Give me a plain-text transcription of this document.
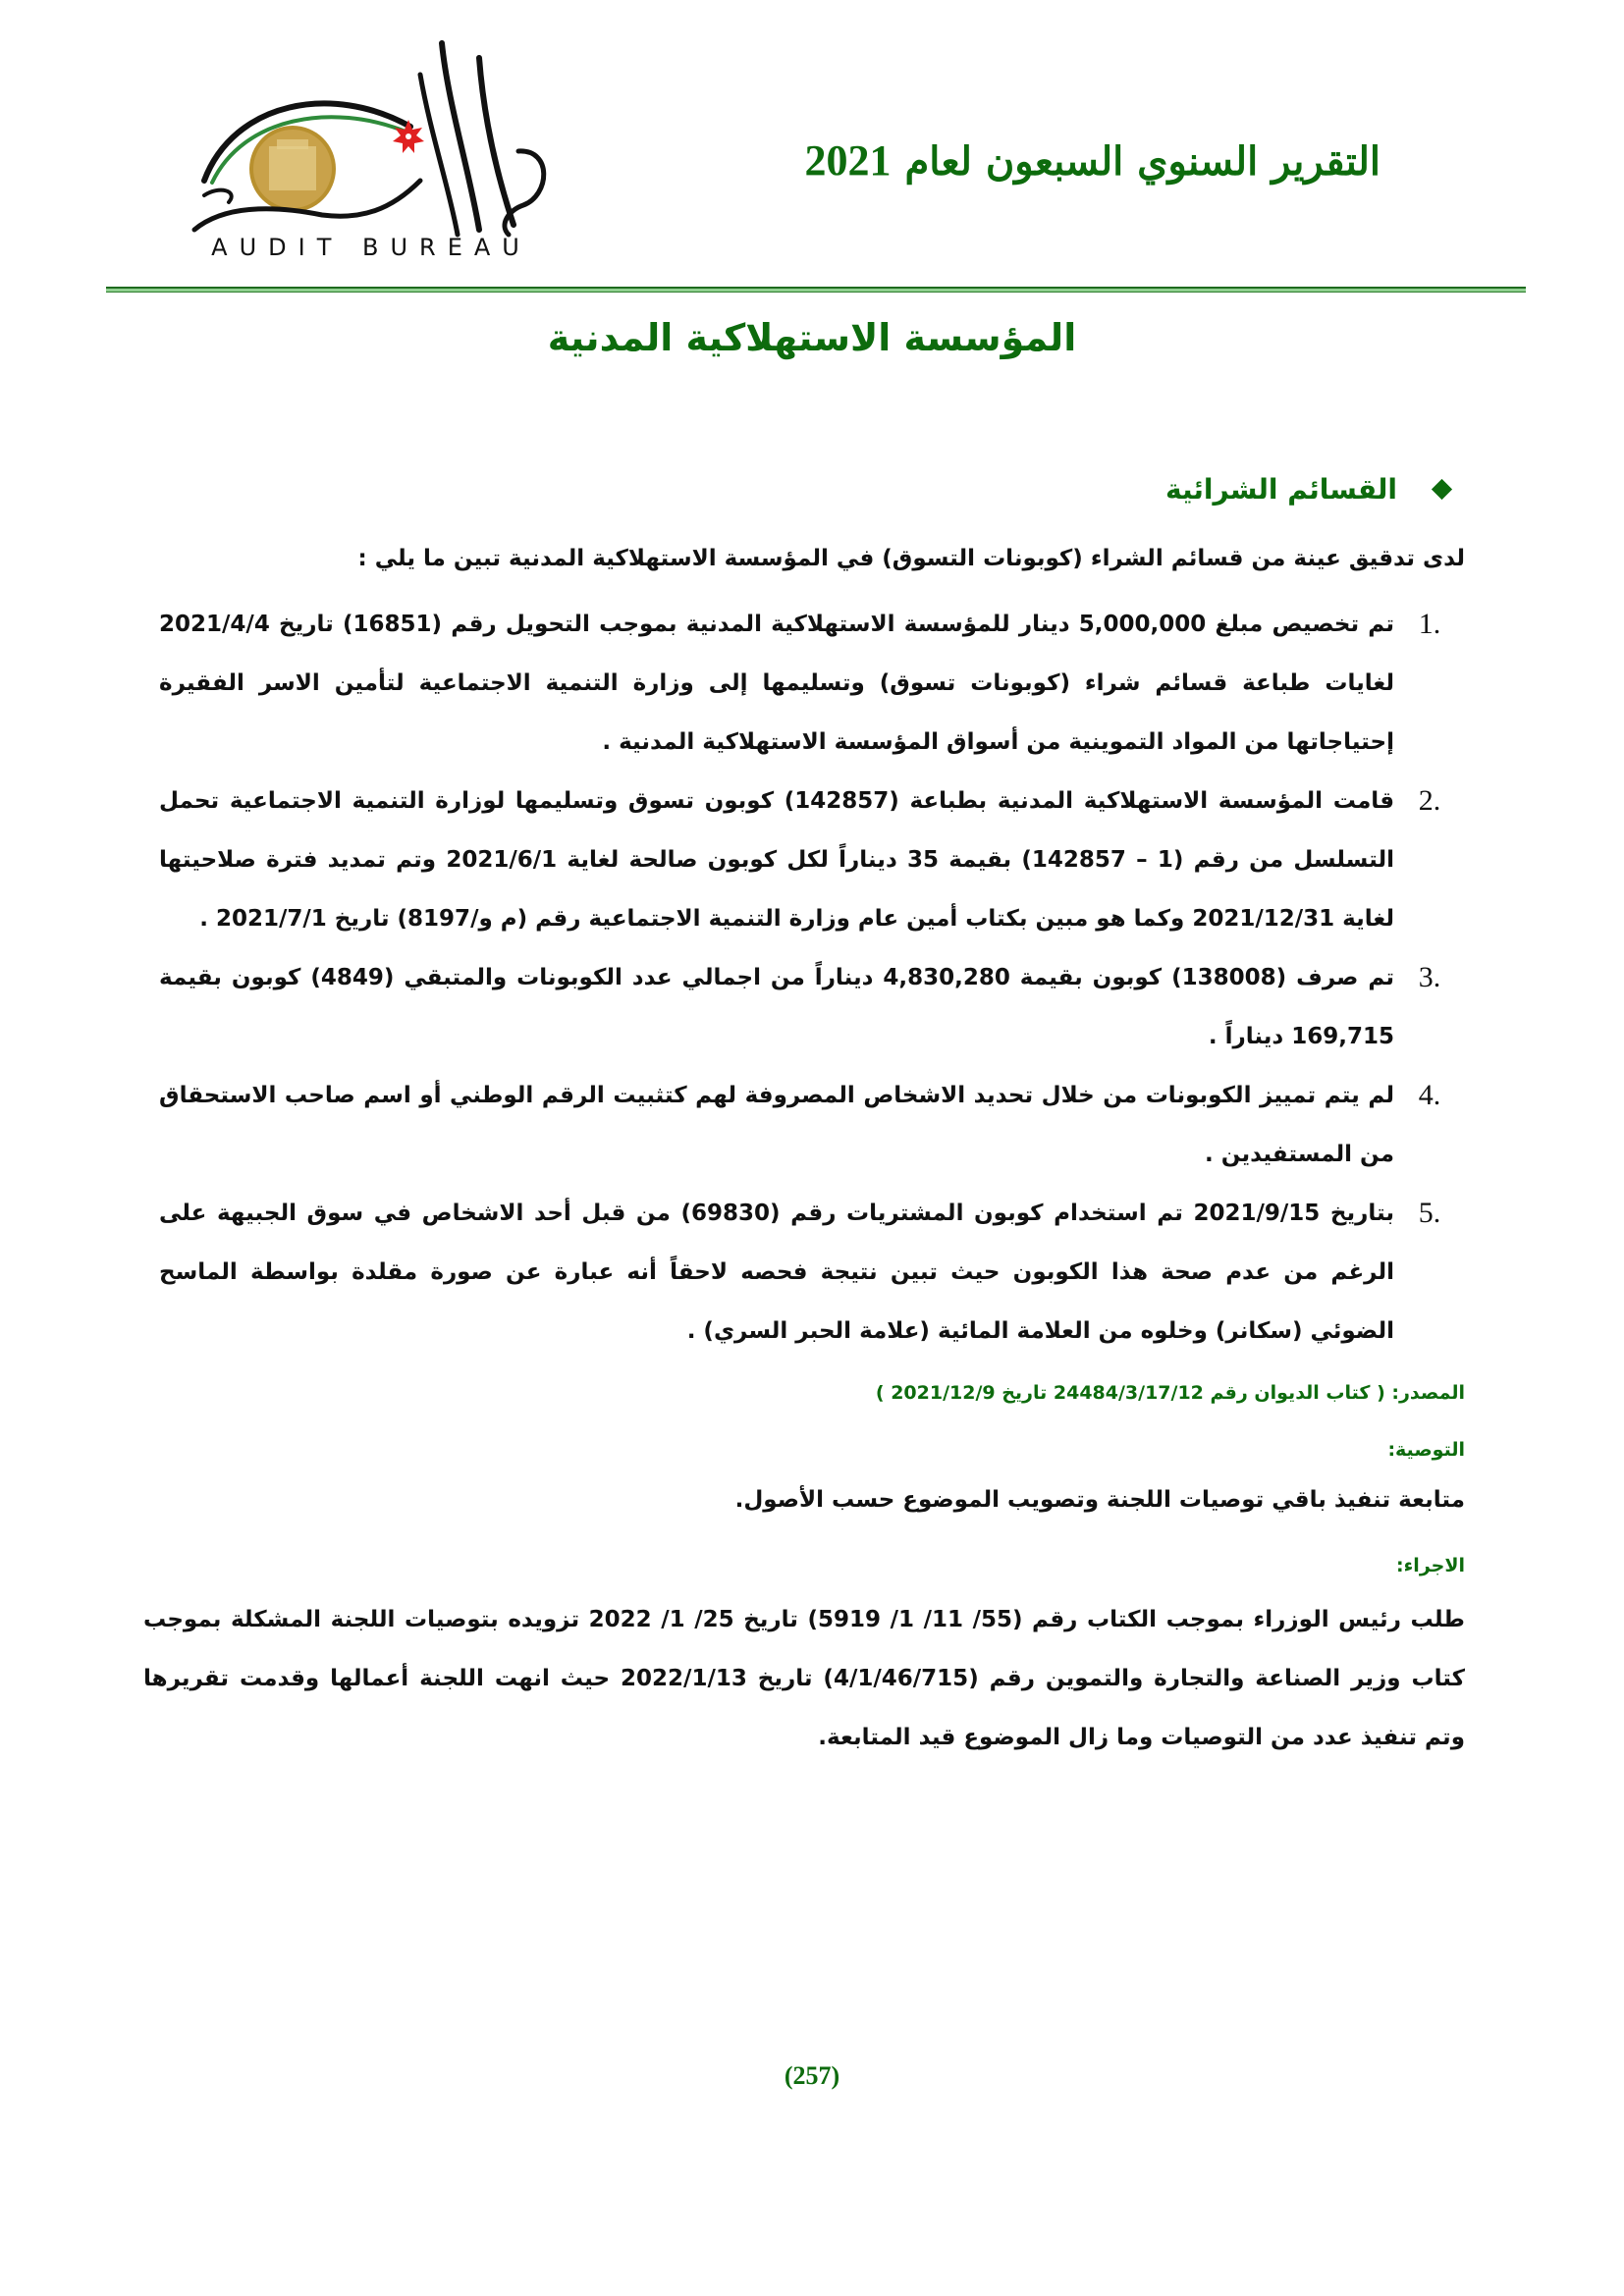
AUDIT BUREAU
التقرير السنوي السبعون لعام 2021
المؤسسة الاستهلاكية المدنية
القسائم الشرائية

لدى تدقيق عينة من قسائم الشراء (كوبونات التسوق) في المؤسسة الاستهلاكية المدنية تبين ما يلي :

1.
تم تخصيص مبلغ 5,000,000 دينار للمؤسسة الاستهلاكية المدنية بموجب التحويل رقم (16851) تاريخ 2021/4/4 لغايات طباعة قسائم شراء (كوبونات تسوق) وتسليمها إلى وزارة التنمية الاجتماعية لتأمين الاسر الفقيرة إحتياجاتها من المواد التموينية من أسواق المؤسسة الاستهلاكية المدنية .
2.
قامت المؤسسة الاستهلاكية المدنية بطباعة (142857) كوبون تسوق وتسليمها لوزارة التنمية الاجتماعية تحمل التسلسل من رقم (1 – 142857) بقيمة 35 ديناراً لكل كوبون صالحة لغاية 2021/6/1 وتم تمديد فترة صلاحيتها لغاية 2021/12/31 وكما هو مبين بكتاب أمين عام وزارة التنمية الاجتماعية رقم (م و/8197) تاريخ 2021/7/1 .
3.
تم صرف (138008) كوبون بقيمة 4,830,280 ديناراً من اجمالي عدد الكوبونات والمتبقي (4849) كوبون بقيمة 169,715 ديناراً .
4.
لم يتم تمييز الكوبونات من خلال تحديد الاشخاص المصروفة لهم كتثبيت الرقم الوطني أو اسم صاحب الاستحقاق من المستفيدين .
5.
بتاريخ 2021/9/15 تم استخدام كوبون المشتريات رقم (69830) من قبل أحد الاشخاص في سوق الجبيهة على الرغم من عدم صحة هذا الكوبون حيث تبين نتيجة فحصه لاحقاً أنه عبارة عن صورة مقلدة بواسطة الماسح الضوئي (سكانر) وخلوه من العلامة المائية (علامة الحبر السري) .
المصدر: ( كتاب الديوان رقم 24484/3/17/12 تاريخ 2021/12/9 )
التوصية:
متابعة تنفيذ باقي توصيات اللجنة وتصويب الموضوع حسب الأصول.
الاجراء:
طلب رئيس الوزراء بموجب الكتاب رقم (55/ 11/ 1/ 5919) تاريخ 25/ 1/ 2022 تزويده بتوصيات اللجنة المشكلة بموجب كتاب وزير الصناعة والتجارة والتموين رقم (4/1/46/715) تاريخ 2022/1/13 حيث انهت اللجنة أعمالها وقدمت تقريرها وتم تنفيذ عدد من التوصيات وما زال الموضوع قيد المتابعة.
(257)
